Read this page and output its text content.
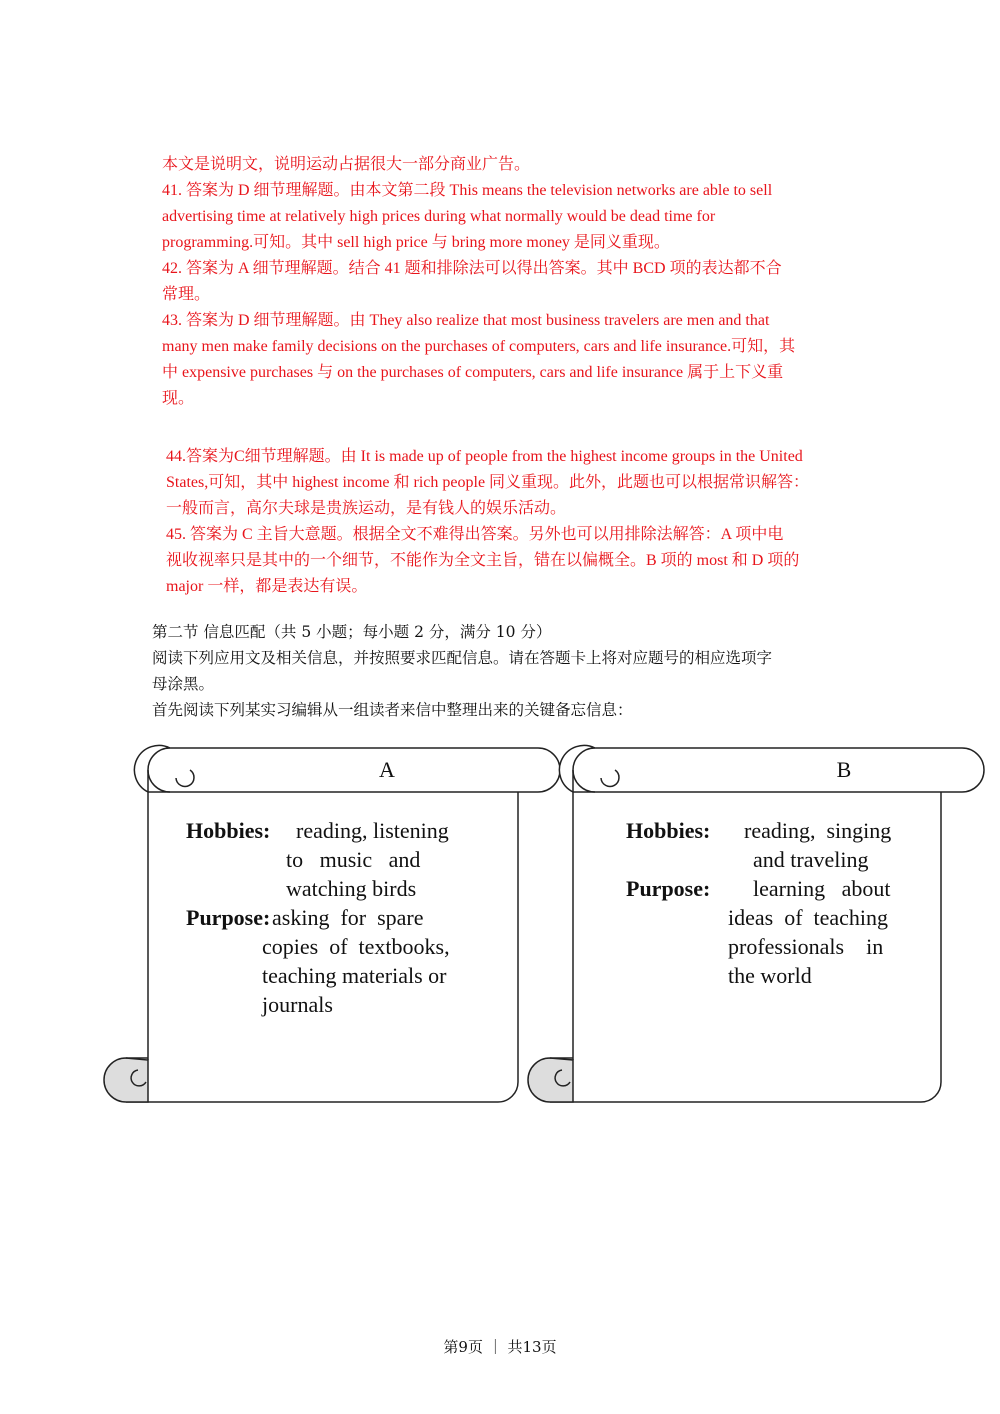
本文是说明文，说明运动占据很大一部分商业广告。

41. 答案为 D 细节理解题。由本文第二段 This means the television networks are able to sell

advertising time at relatively high prices during what normally would be dead time for

programming.可知。其中 sell high price 与 bring more money 是同义重现。

42. 答案为 A 细节理解题。结合 41 题和排除法可以得出答案。其中 BCD 项的表达都不合

常理。

43. 答案为 D 细节理解题。由 They also realize that most business travelers are men and that

many men make family decisions on the purchases of computers, cars and life insurance.可知，其

中 expensive purchases 与 on the purchases of computers, cars and life insurance 属于上下义重

现。

44.答案为C细节理解题。由 It is made up of people from the highest income groups in the United

States,可知，其中 highest income 和 rich people 同义重现。此外，此题也可以根据常识解答：

一般而言，高尔夫球是贵族运动，是有钱人的娱乐活动。

45. 答案为 C 主旨大意题。根据全文不难得出答案。另外也可以用排除法解答：A 项中电

视收视率只是其中的一个细节，不能作为全文主旨，错在以偏概全。B 项的 most 和 D 项的

major 一样，都是表达有误。

第二节 信息匹配（共 5 小题；每小题 2 分，满分 10 分）

阅读下列应用文及相关信息，并按照要求匹配信息。请在答题卡上将对应题号的相应选项字

母涂黑。

首先阅读下列某实习编辑从一组读者来信中整理出来的关键备忘信息：

A
Hobbies: reading, listening
to   music   and
watching birds
Purpose: asking  for  spare
copies  of  textbooks,
teaching materials or
journals
B
Hobbies: reading,  singing
and traveling
Purpose: learning   about
ideas  of  teaching
professionals    in
the world
第9页 ｜ 共13页
